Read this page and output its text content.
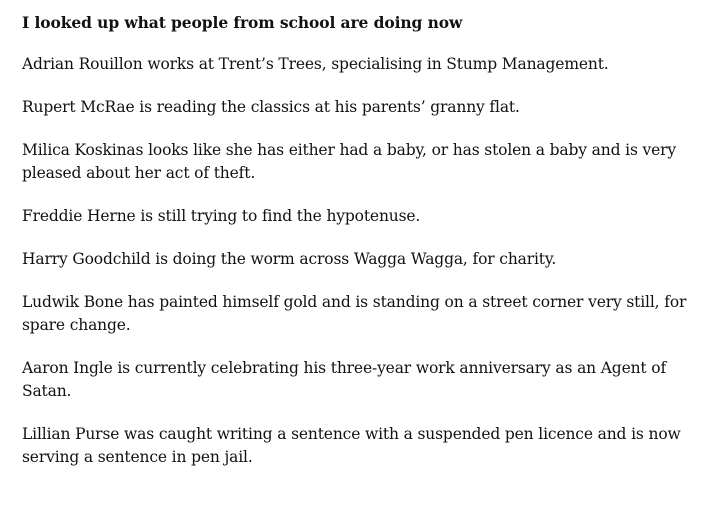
I looked up what people from school are doing now

Adrian Rouillon works at Trent’s Trees, specialising in Stump Management.

Rupert McRae is reading the classics at his parents’ granny flat.

Milica Koskinas looks like she has either had a baby, or has stolen a baby and is very pleased about her act of theft.

Freddie Herne is still trying to find the hypotenuse.

Harry Goodchild is doing the worm across Wagga Wagga, for charity.

Ludwik Bone has painted himself gold and is standing on a street corner very still, for spare change.

Aaron Ingle is currently celebrating his three-year work anniversary as an Agent of Satan.

Lillian Purse was caught writing a sentence with a suspended pen licence and is now serving a sentence in pen jail.
